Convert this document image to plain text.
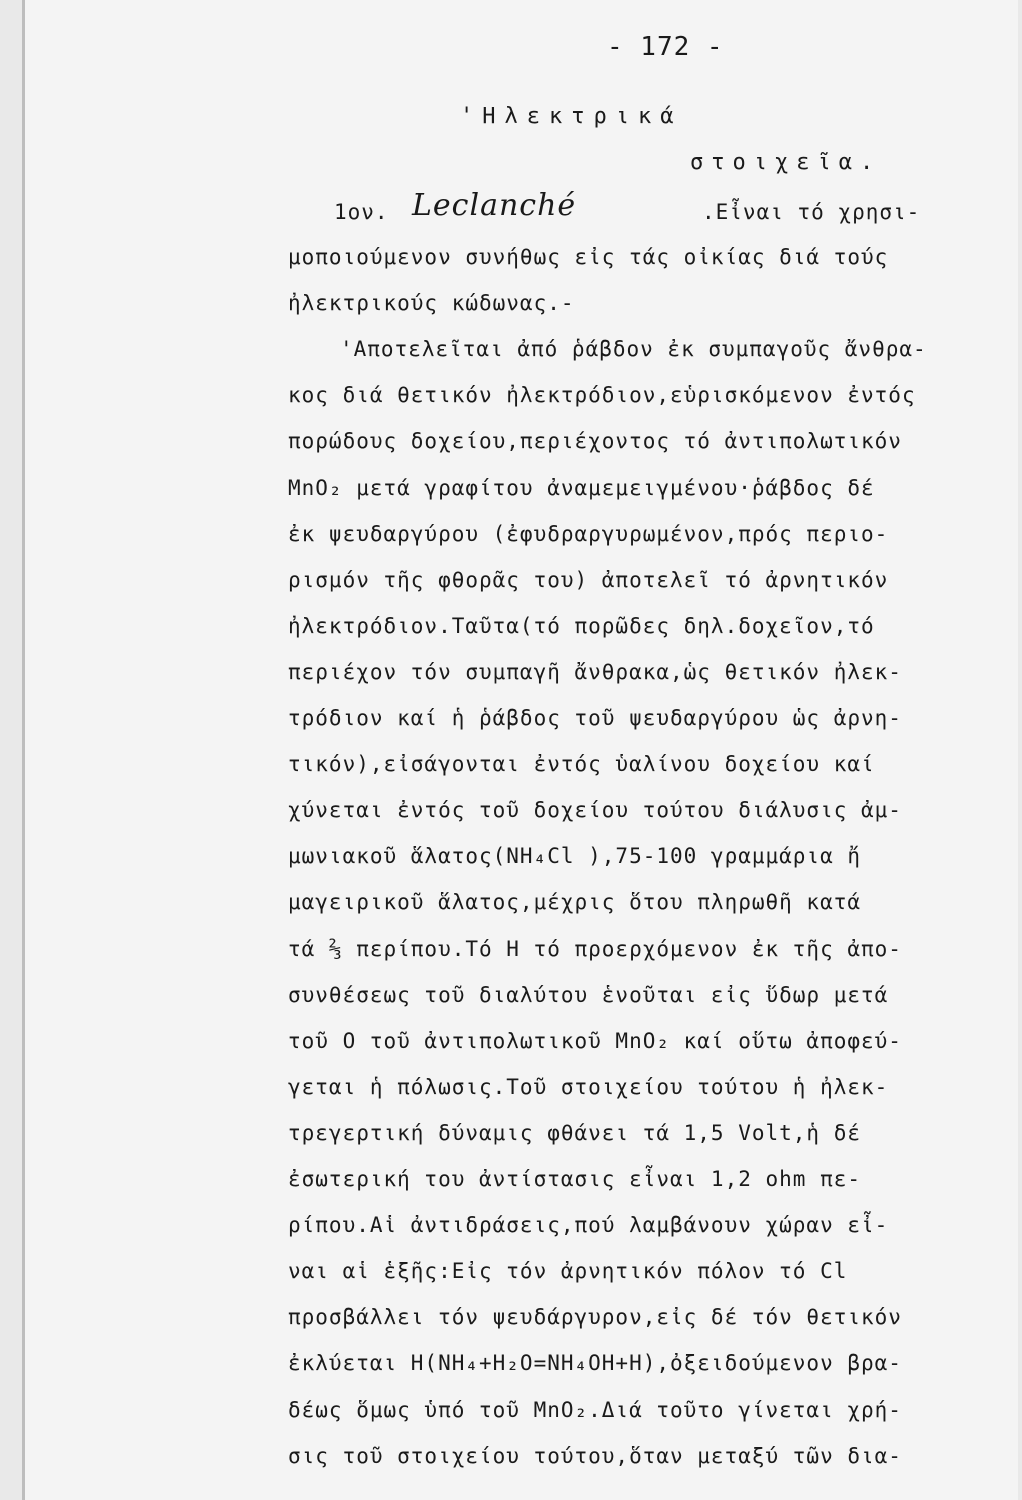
- 172 -
'Ηλεκτρικά
στοιχεῖα.
1ον. Leclanché	.Εἶναι τό χρησι-
μοποιούμενον συνήθως εἰς τάς οἰκίας διά τούς
ἠλεκτρικούς κώδωνας.-
'Αποτελεῖται ἀπό ῥάβδον ἐκ συμπαγοῦς ἄνθρα-
κος διά θετικόν ἠλεκτρόδιον,εὑρισκόμενον ἐντός
πορώδους δοχείου,περιέχοντος τό ἀντιπολωτικόν
MnO₂ μετά γραφίτου ἀναμεμειγμένου·ῥάβδος δέ
ἐκ ψευδαργύρου (ἐφυδραργυρωμένον,πρός περιο-
ρισμόν τῆς φθορᾶς του) ἀποτελεῖ τό ἀρνητικόν
ἠλεκτρόδιον.Ταῦτα(τό πορῶδες δηλ.δοχεῖον,τό
περιέχον τόν συμπαγῆ ἄνθρακα,ὡς θετικόν ἠλεκ-
τρόδιον καί ἡ ῥάβδος τοῦ ψευδαργύρου ὡς ἀρνη-
τικόν),εἰσάγονται ἐντός ὑαλίνου δοχείου καί
χύνεται ἐντός τοῦ δοχείου τούτου διάλυσις ἀμ-
μωνιακοῦ ἅλατος(NH₄Cl ),75-100 γραμμάρια ἤ
μαγειρικοῦ ἅλατος,μέχρις ὅτου πληρωθῆ κατά
τά ⅔ περίπου.Τό H τό προερχόμενον ἐκ τῆς ἀπο-
συνθέσεως τοῦ διαλύτου ἑνοῦται εἰς ὕδωρ μετά
τοῦ O τοῦ ἀντιπολωτικοῦ MnO₂ καί οὕτω ἀποφεύ-
γεται ἡ πόλωσις.Τοῦ στοιχείου τούτου ἡ ἠλεκ-
τρεγερτική δύναμις φθάνει τά 1,5 Volt,ἡ δέ
ἐσωτερική του ἀντίστασις εἶναι 1,2 ohm πε-
ρίπου.Αἱ ἀντιδράσεις,πού λαμβάνουν χώραν εἶ-
ναι αἱ ἑξῆς:Εἰς τόν ἀρνητικόν πόλον τό Cl
προσβάλλει τόν ψευδάργυρον,εἰς δέ τόν θετικόν
ἐκλύεται H(NH₄+H₂O=NH₄OH+H),ὀξειδούμενον βρα-
δέως ὅμως ὑπό τοῦ MnO₂.Διά τοῦτο γίνεται χρή-
σις τοῦ στοιχείου τούτου,ὅταν μεταξύ τῶν δια-
